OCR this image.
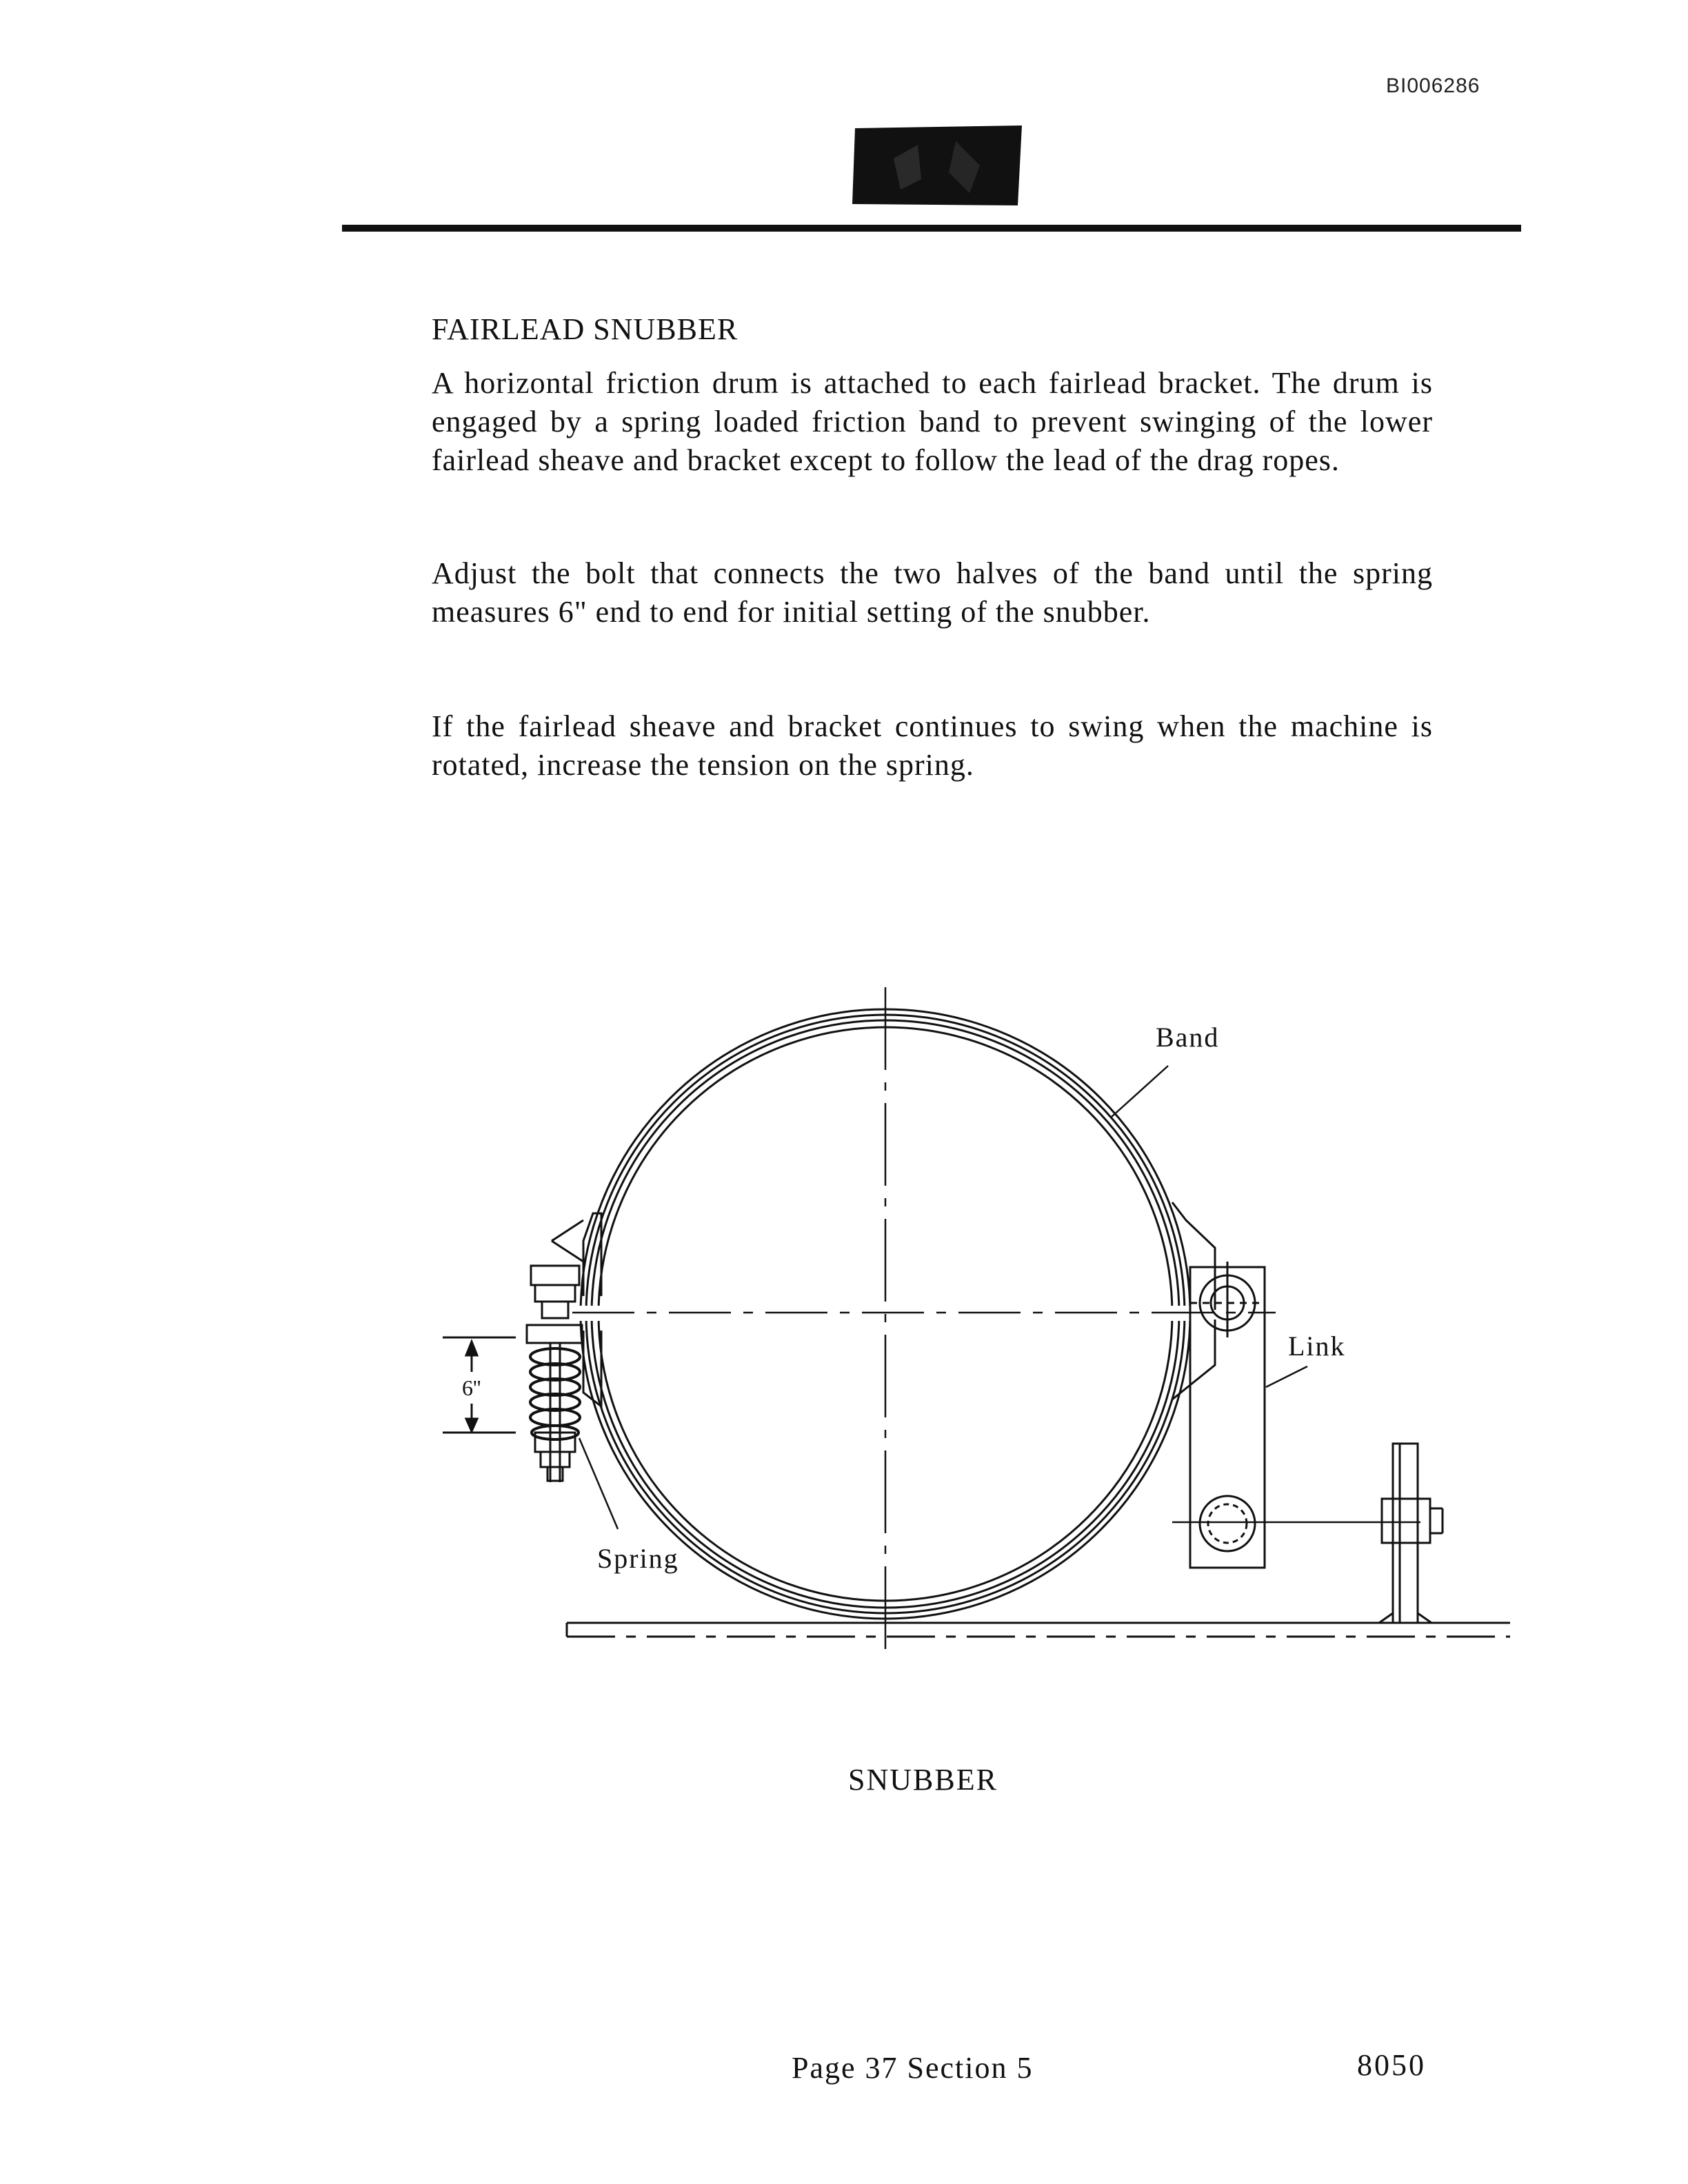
BI006286
FAIRLEAD SNUBBER
A horizontal friction drum is attached to each fairlead bracket. The drum is engaged by a spring loaded friction band to prevent swinging of the lower fairlead sheave and bracket except to follow the lead of the drag ropes.
Adjust the bolt that connects the two halves of the band until the spring measures 6" end to end for initial setting of the snubber.
If the fairlead sheave and bracket continues to swing when the machine is rotated, increase the tension on the spring.
Band
Link
Spring
6''
SNUBBER
Page 37 Section 5	8050
